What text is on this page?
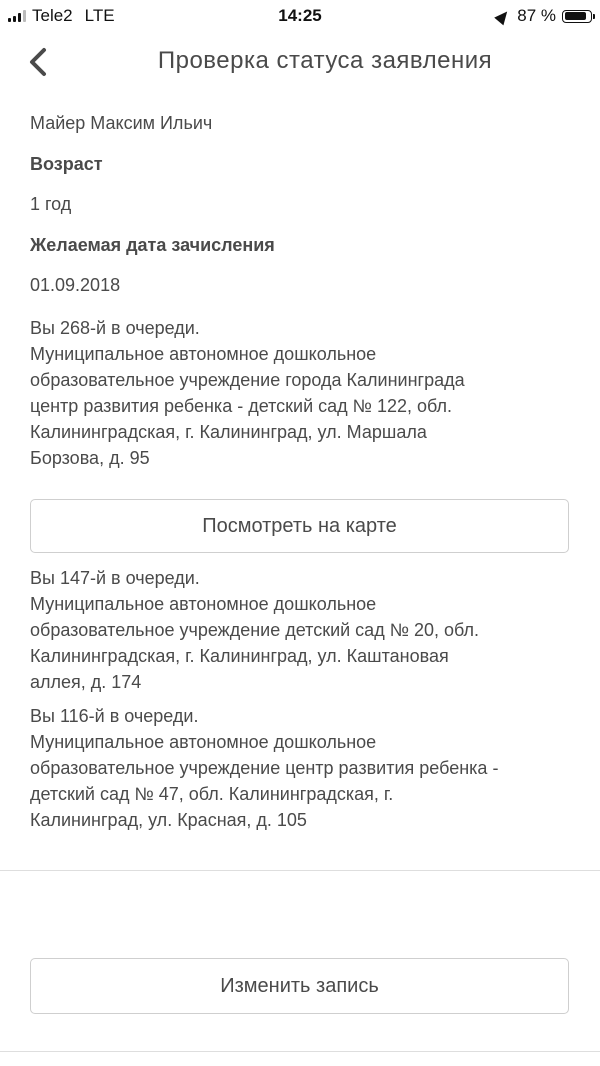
Tele2 LTE	14:25	87 %
Проверка статуса заявления
Майер Максим Ильич
Возраст
1 год
Желаемая дата зачисления
01.09.2018
Вы 268-й в очереди.
Муниципальное автономное дошкольное
образовательное учреждение города Калининграда
центр развития ребенка - детский сад № 122, обл.
Калининградская, г. Калининград, ул. Маршала
Борзова, д. 95
Вы 147-й в очереди.
Муниципальное автономное дошкольное
образовательное учреждение детский сад № 20, обл.
Калининградская, г. Калининград, ул. Каштановая
аллея, д. 174
Вы 116-й в очереди.
Муниципальное автономное дошкольное
образовательное учреждение центр развития ребенка -
детский сад № 47, обл. Калининградская, г.
Калининград, ул. Красная, д. 105
Посмотреть на карте
Изменить запись
